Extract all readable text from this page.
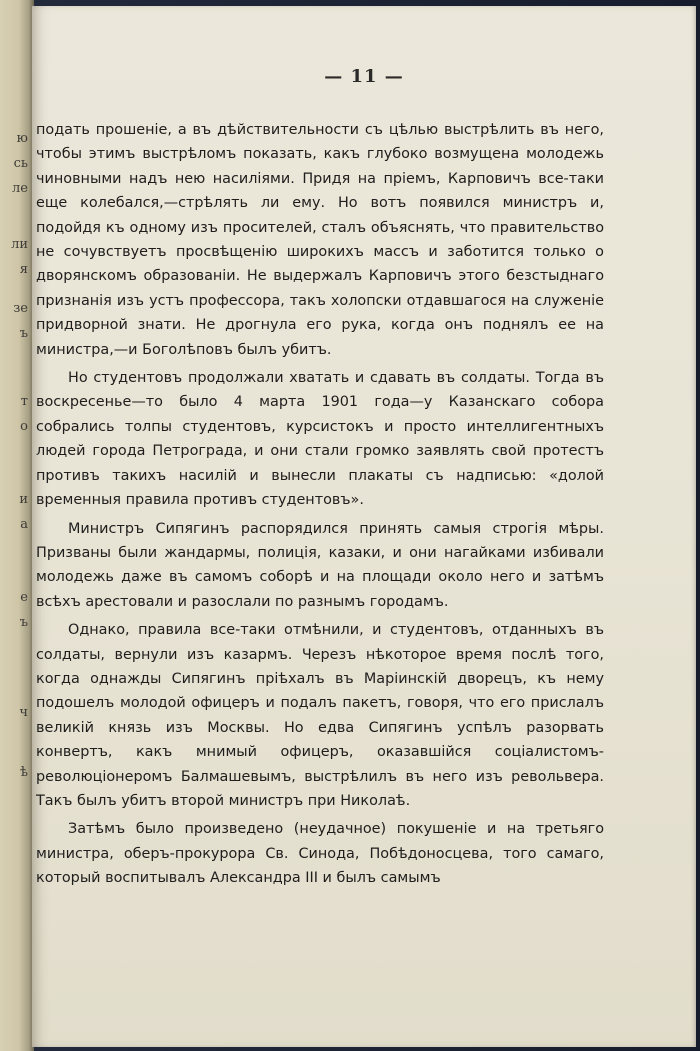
ю
сь
ле
ли
я
зе
ъ
т
о
и
а
е
ъ
ч
ѣ
— 11 —

подать прошенiе, а въ дѣйствительности съ цѣлью выстрѣлить въ него, чтобы этимъ выстрѣломъ показать, какъ глубоко возмущена молодежь чиновными надъ нею насилiями. Придя на прiемъ, Карповичъ все-таки еще колебался,—стрѣлять ли ему. Но вотъ появился министръ и, подойдя къ одному изъ просителей, сталъ объяснять, что правительство не сочувствуетъ просвѣщенiю широкихъ массъ и заботится только о дворянскомъ образованiи. Не выдержалъ Карповичъ этого безстыднаго признанiя изъ устъ профессора, такъ холопски отдавшагося на служенiе придворной знати. Не дрогнула его рука, когда онъ поднялъ ее на министра,—и Боголѣповъ былъ убитъ.

Но студентовъ продолжали хватать и сдавать въ солдаты. Тогда въ воскресенье—то было 4 марта 1901 года—у Казанскаго собора собрались толпы студентовъ, курсистокъ и просто интеллигентныхъ людей города Петрограда, и они стали громко заявлять свой протестъ противъ такихъ насилiй и вынесли плакаты съ надписью: «долой временныя правила противъ студентовъ».

Министръ Сипягинъ распорядился принять самыя строгiя мѣры. Призваны были жандармы, полицiя, казаки, и они нагайками избивали молодежь даже въ самомъ соборѣ и на площади около него и затѣмъ всѣхъ арестовали и разослали по разнымъ городамъ.

Однако, правила все-таки отмѣнили, и студентовъ, отданныхъ въ солдаты, вернули изъ казармъ. Черезъ нѣкоторое время послѣ того, когда однажды Сипягинъ прiѣхалъ въ Марiинскiй дворецъ, къ нему подошелъ молодой офицеръ и подалъ пакетъ, говоря, что его прислалъ великiй князь изъ Москвы. Но едва Сипягинъ успѣлъ разорвать конвертъ, какъ мнимый офицеръ, оказавшiйся соцiалистомъ-революцiонеромъ Балмашевымъ, выстрѣлилъ въ него изъ револьвера. Такъ былъ убитъ второй министръ при Николаѣ.

Затѣмъ было произведено (неудачное) покушенiе и на третьяго министра, оберъ-прокурора Св. Синода, Побѣдоносцева, того самаго, который воспитывалъ Александра III и былъ самымъ
